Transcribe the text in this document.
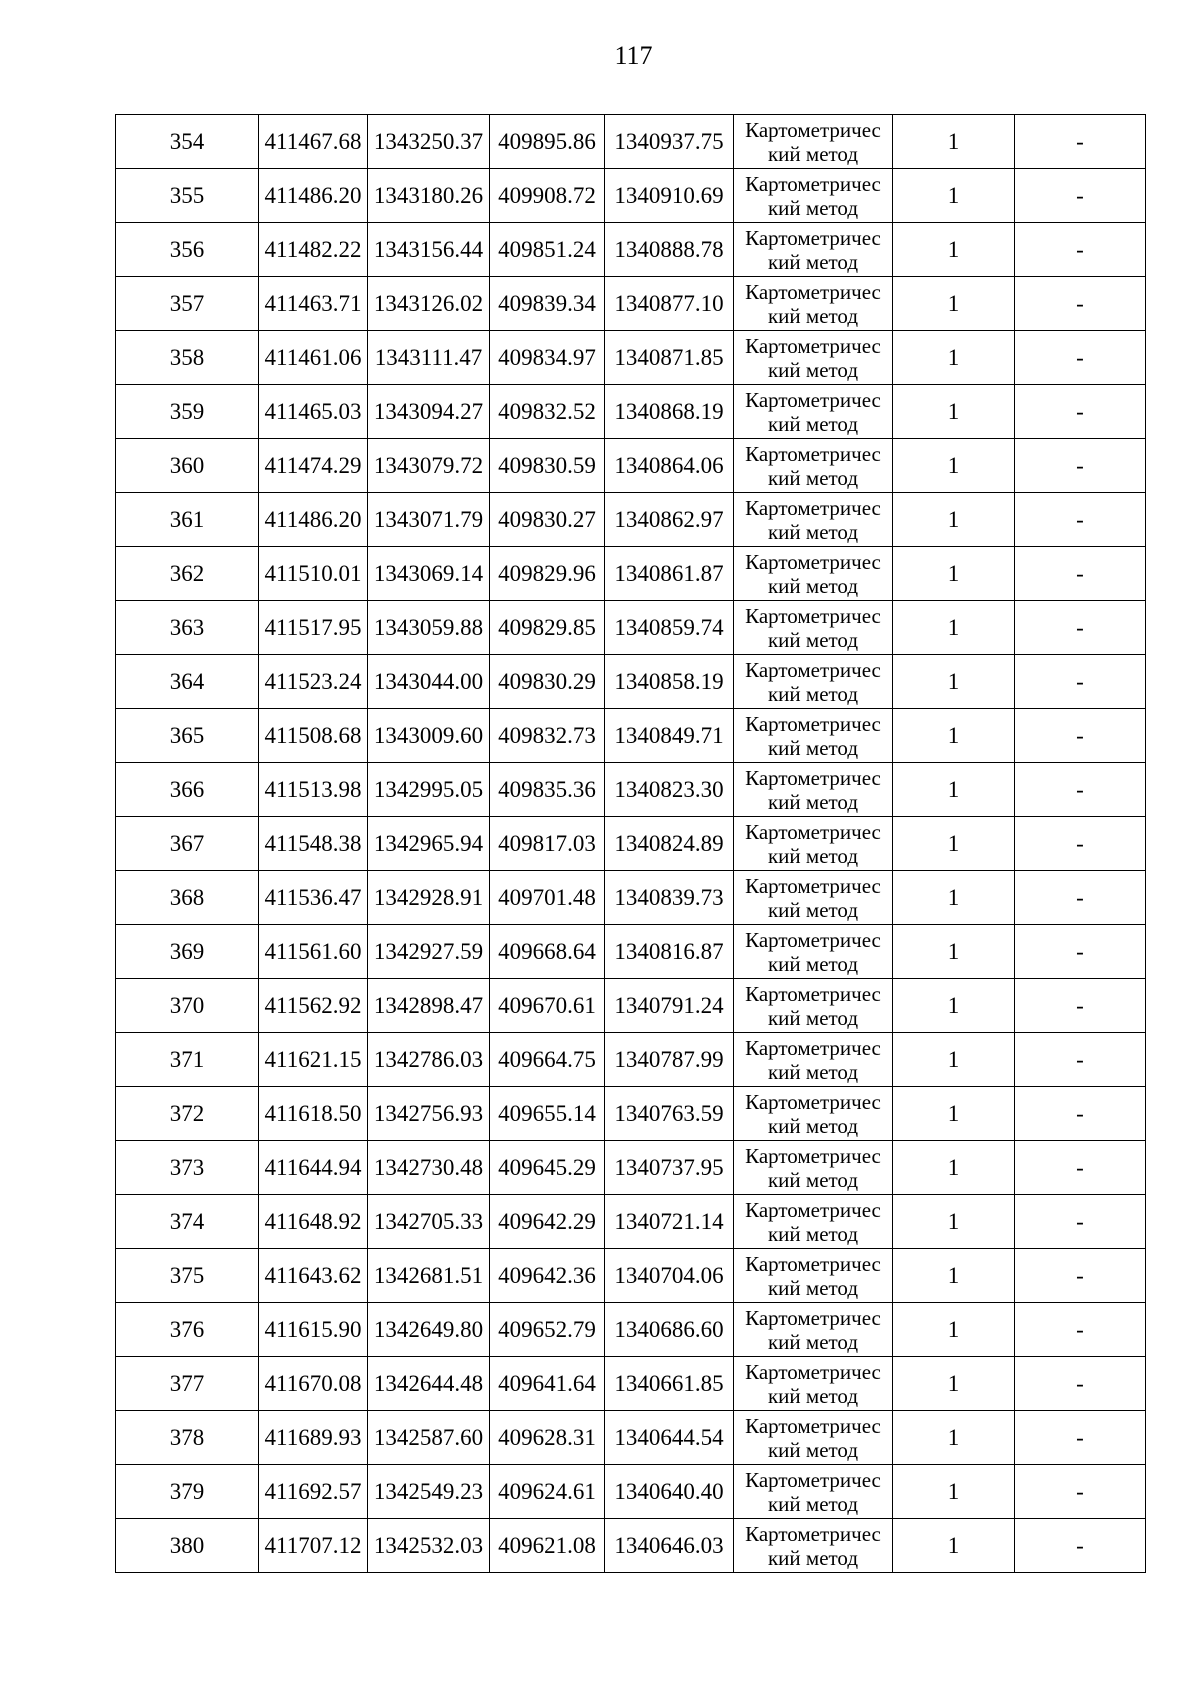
117
354	411467.68	1343250.37	409895.86	1340937.75	Картометричес
кий метод	1	-
355	411486.20	1343180.26	409908.72	1340910.69	Картометричес
кий метод	1	-
356	411482.22	1343156.44	409851.24	1340888.78	Картометричес
кий метод	1	-
357	411463.71	1343126.02	409839.34	1340877.10	Картометричес
кий метод	1	-
358	411461.06	1343111.47	409834.97	1340871.85	Картометричес
кий метод	1	-
359	411465.03	1343094.27	409832.52	1340868.19	Картометричес
кий метод	1	-
360	411474.29	1343079.72	409830.59	1340864.06	Картометричес
кий метод	1	-
361	411486.20	1343071.79	409830.27	1340862.97	Картометричес
кий метод	1	-
362	411510.01	1343069.14	409829.96	1340861.87	Картометричес
кий метод	1	-
363	411517.95	1343059.88	409829.85	1340859.74	Картометричес
кий метод	1	-
364	411523.24	1343044.00	409830.29	1340858.19	Картометричес
кий метод	1	-
365	411508.68	1343009.60	409832.73	1340849.71	Картометричес
кий метод	1	-
366	411513.98	1342995.05	409835.36	1340823.30	Картометричес
кий метод	1	-
367	411548.38	1342965.94	409817.03	1340824.89	Картометричес
кий метод	1	-
368	411536.47	1342928.91	409701.48	1340839.73	Картометричес
кий метод	1	-
369	411561.60	1342927.59	409668.64	1340816.87	Картометричес
кий метод	1	-
370	411562.92	1342898.47	409670.61	1340791.24	Картометричес
кий метод	1	-
371	411621.15	1342786.03	409664.75	1340787.99	Картометричес
кий метод	1	-
372	411618.50	1342756.93	409655.14	1340763.59	Картометричес
кий метод	1	-
373	411644.94	1342730.48	409645.29	1340737.95	Картометричес
кий метод	1	-
374	411648.92	1342705.33	409642.29	1340721.14	Картометричес
кий метод	1	-
375	411643.62	1342681.51	409642.36	1340704.06	Картометричес
кий метод	1	-
376	411615.90	1342649.80	409652.79	1340686.60	Картометричес
кий метод	1	-
377	411670.08	1342644.48	409641.64	1340661.85	Картометричес
кий метод	1	-
378	411689.93	1342587.60	409628.31	1340644.54	Картометричес
кий метод	1	-
379	411692.57	1342549.23	409624.61	1340640.40	Картометричес
кий метод	1	-
380	411707.12	1342532.03	409621.08	1340646.03	Картометричес
кий метод	1	-
